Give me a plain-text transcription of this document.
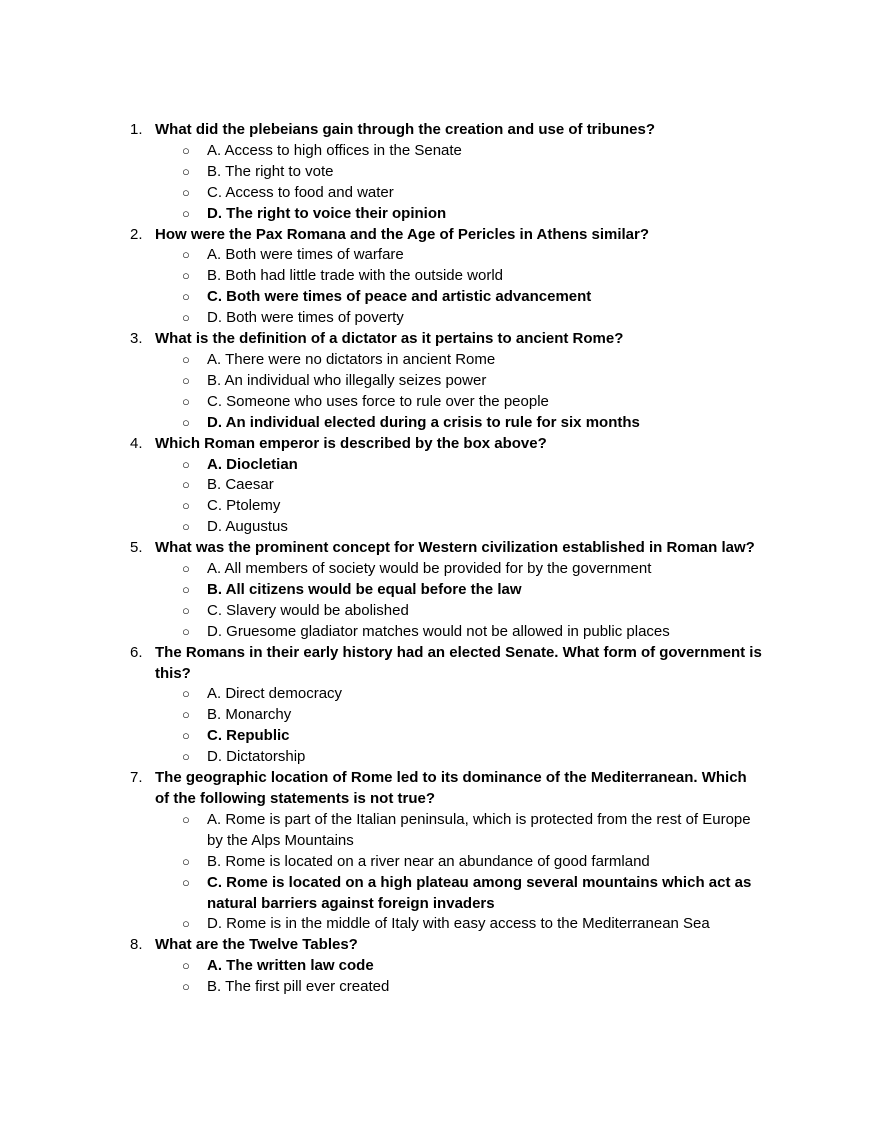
1. What did the plebeians gain through the creation and use of tribunes?
○ A. Access to high offices in the Senate
○ B. The right to vote
○ C. Access to food and water
○ D. The right to voice their opinion
2. How were the Pax Romana and the Age of Pericles in Athens similar?
○ A. Both were times of warfare
○ B. Both had little trade with the outside world
○ C. Both were times of peace and artistic advancement
○ D. Both were times of poverty
3. What is the definition of a dictator as it pertains to ancient Rome?
○ A. There were no dictators in ancient Rome
○ B. An individual who illegally seizes power
○ C. Someone who uses force to rule over the people
○ D. An individual elected during a crisis to rule for six months
4. Which Roman emperor is described by the box above?
○ A. Diocletian
○ B. Caesar
○ C. Ptolemy
○ D. Augustus
5. What was the prominent concept for Western civilization established in Roman law?
○ A. All members of society would be provided for by the government
○ B. All citizens would be equal before the law
○ C. Slavery would be abolished
○ D. Gruesome gladiator matches would not be allowed in public places
6. The Romans in their early history had an elected Senate. What form of government is this?
○ A. Direct democracy
○ B. Monarchy
○ C. Republic
○ D. Dictatorship
7. The geographic location of Rome led to its dominance of the Mediterranean. Which of the following statements is not true?
○ A. Rome is part of the Italian peninsula, which is protected from the rest of Europe by the Alps Mountains
○ B. Rome is located on a river near an abundance of good farmland
○ C. Rome is located on a high plateau among several mountains which act as natural barriers against foreign invaders
○ D. Rome is in the middle of Italy with easy access to the Mediterranean Sea
8. What are the Twelve Tables?
○ A. The written law code
○ B. The first pill ever created
